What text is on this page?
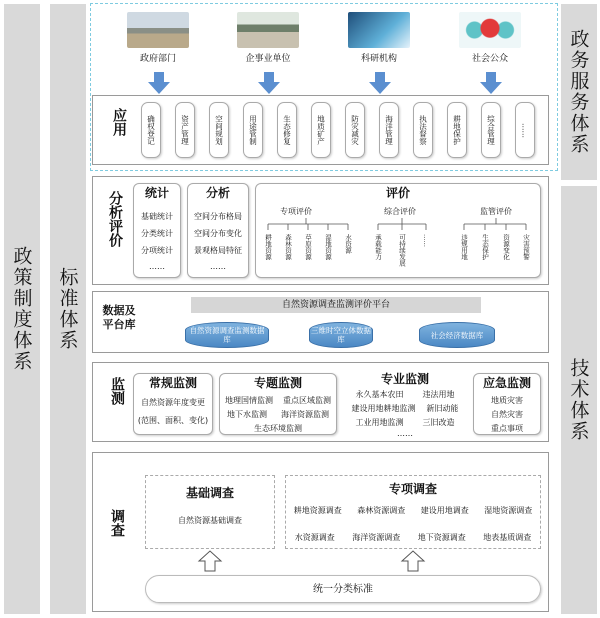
政策制度体系 标准体系
政务服务体系
技术体系
政府部门	企事业单位	科研机构	社会公众
应用	确权登记	资产管理	空间规划	用途管制	生态修复	地质矿产	防灾减灾	海洋管理	执法督察	耕地保护	综合管理	……
分析评价	统计
基础统计
分类统计
分项统计
……
分析
空间分布格局
空间分布变化
景观格局特征
……
评价
专项评价	综合评价	监管评价
耕地资源 森林资源 草原资源 湿地资源 水资源	承载能力 可持续发展 ……	违规用地 生态保护 资源变化 灾害预警
数据及平台库
自然资源调查监测评价平台
自然资源调查监测数据库
三维时空立体数据库	社会经济数据库
监测	常规监测
自然资源年度变更
(范围、面积、变化)
专题监测
地理国情监测 重点区域监测
地下水监测 海洋资源监测
生态环境监测
专业监测
永久基本农田 违法用地
建设用地耕地监测 新旧动能
工业用地监测 三旧改造
……
应急监测
地质灾害
自然灾害
重点事项
调查
基础调查
自然资源基础调查
专项调查
耕地资源调查 森林资源调查 建设用地调查 湿地资源调查
水资源调查 海洋资源调查 地下资源调查 地表基质调查
统一分类标准
